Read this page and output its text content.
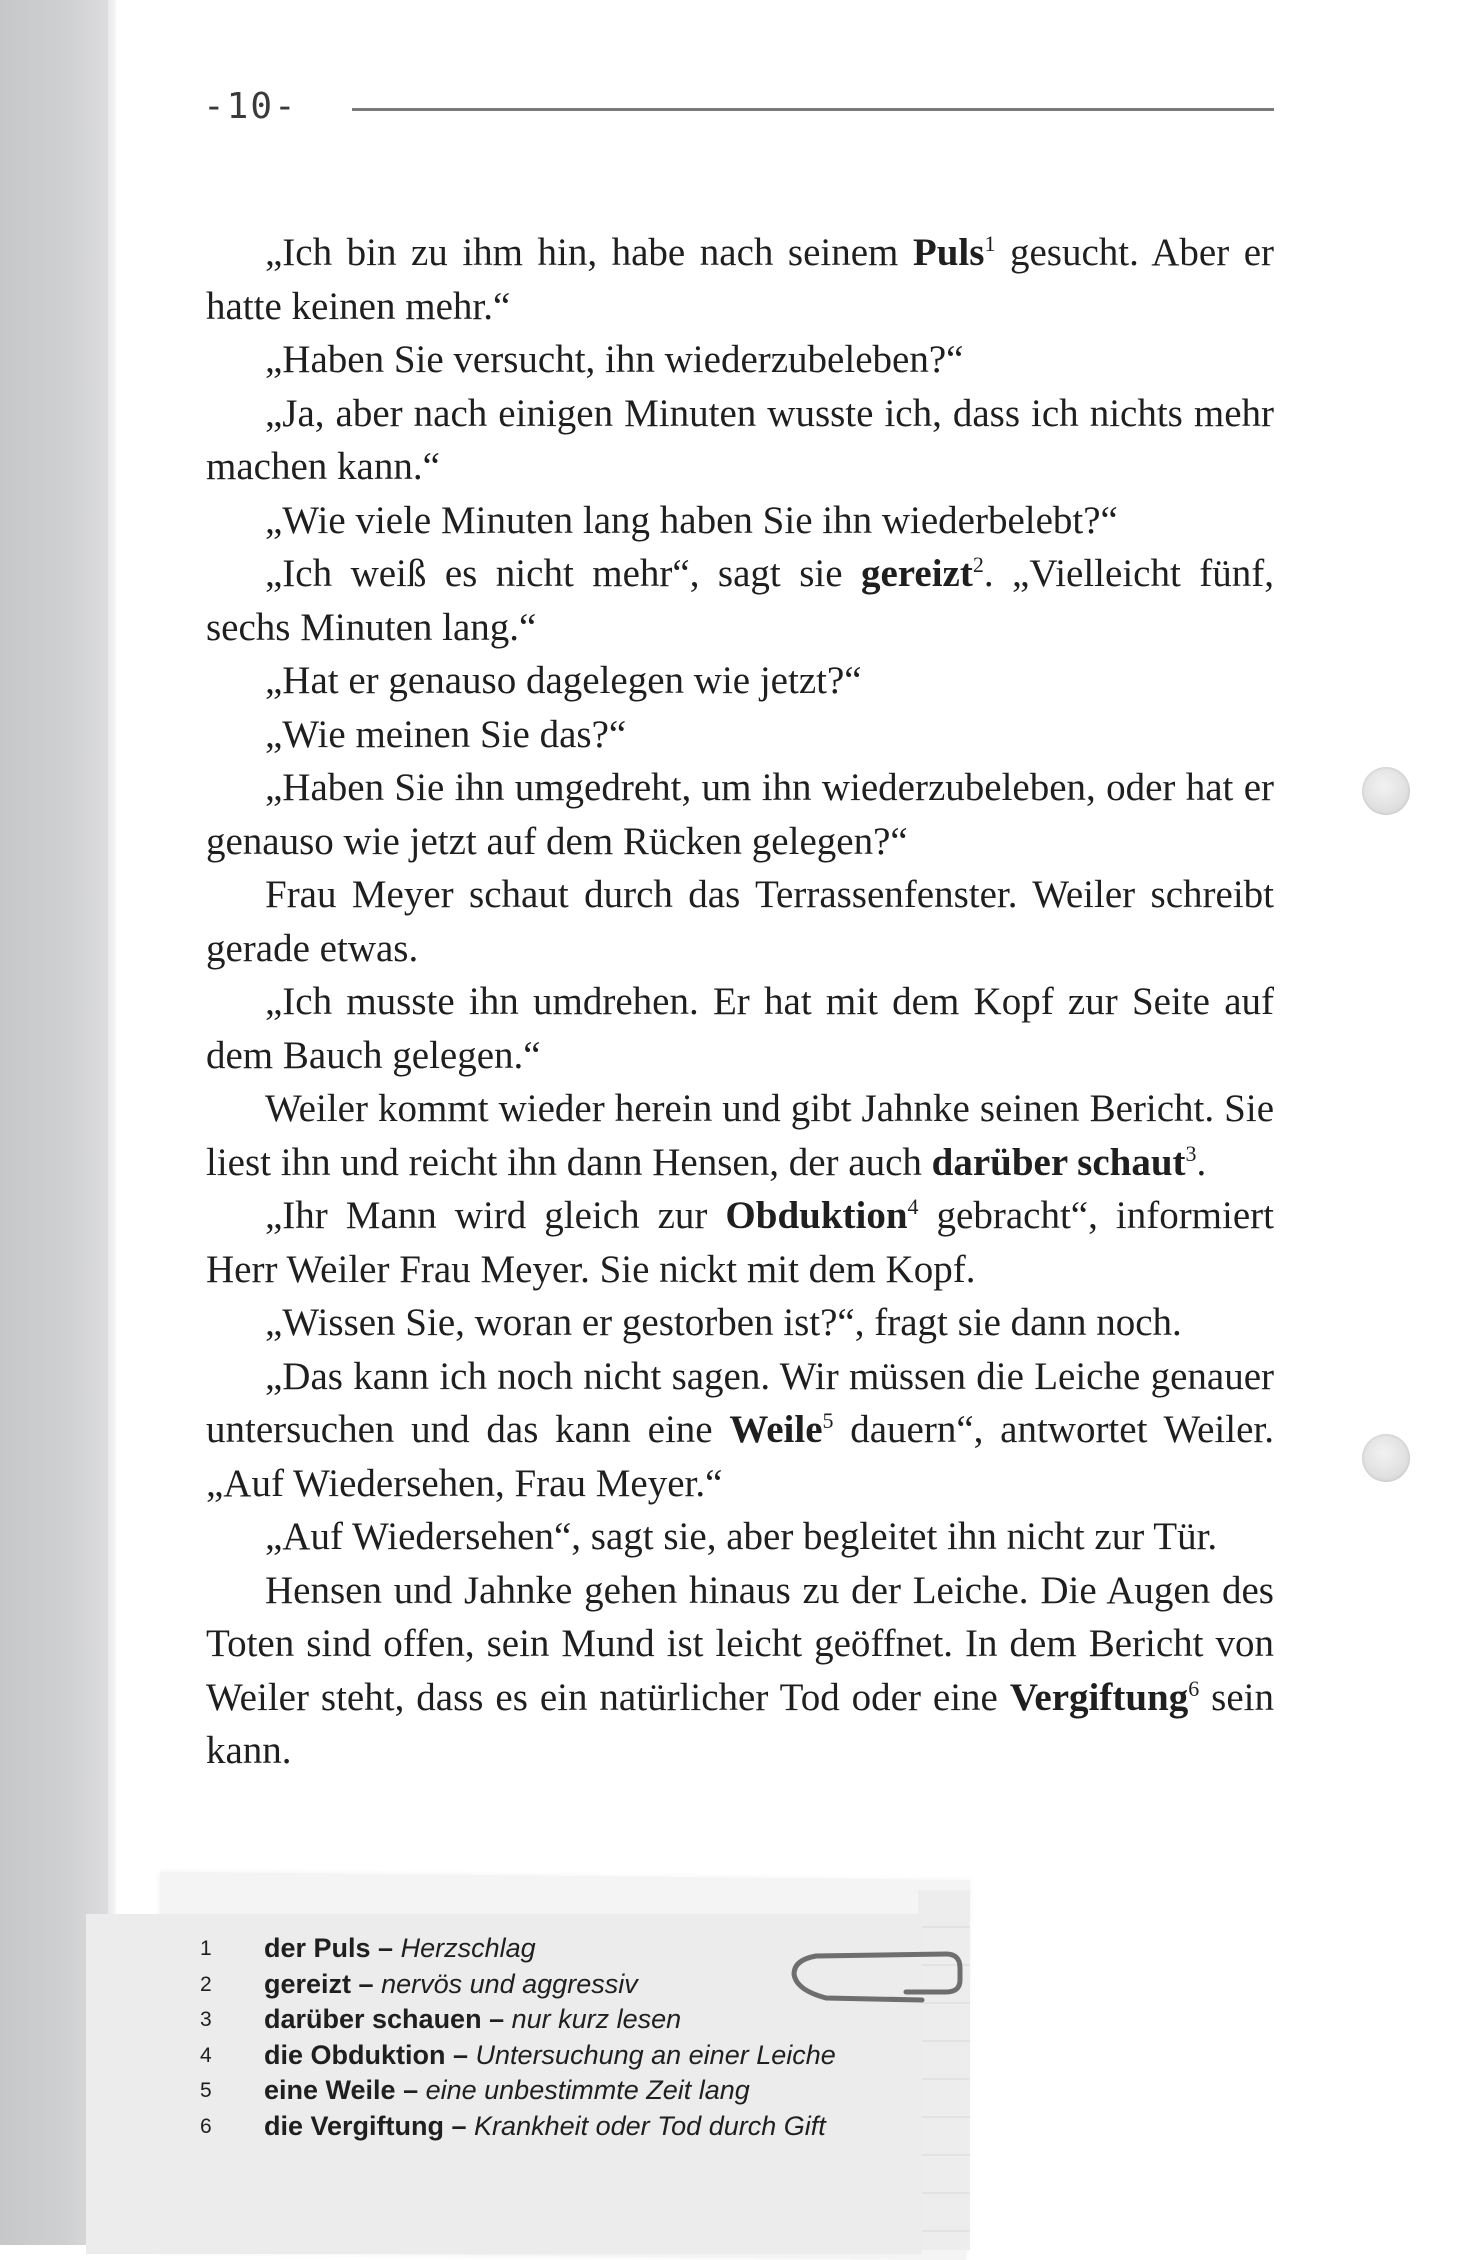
-10-

„Ich bin zu ihm hin, habe nach seinem Puls$^1$ gesucht. Aber er hatte keinen mehr.“

„Haben Sie versucht, ihn wiederzubeleben?“

„Ja, aber nach einigen Minuten wusste ich, dass ich nichts mehr machen kann.“

„Wie viele Minuten lang haben Sie ihn wiederbelebt?“

„Ich weiß es nicht mehr“, sagt sie gereizt$^2$. „Vielleicht fünf, sechs Minuten lang.“

„Hat er genauso dagelegen wie jetzt?“

„Wie meinen Sie das?“

„Haben Sie ihn umgedreht, um ihn wiederzubeleben, oder hat er genauso wie jetzt auf dem Rücken gelegen?“

Frau Meyer schaut durch das Terrassenfenster. Weiler schreibt gerade etwas.

„Ich musste ihn umdrehen. Er hat mit dem Kopf zur Seite auf dem Bauch gelegen.“

Weiler kommt wieder herein und gibt Jahnke seinen Bericht. Sie liest ihn und reicht ihn dann Hensen, der auch darüber schaut$^3$.

„Ihr Mann wird gleich zur Obduktion$^4$ gebracht“, informiert Herr Weiler Frau Meyer. Sie nickt mit dem Kopf.

„Wissen Sie, woran er gestorben ist?“, fragt sie dann noch.

„Das kann ich noch nicht sagen. Wir müssen die Leiche genauer untersuchen und das kann eine Weile$^5$ dauern“, antwortet Weiler. „Auf Wiedersehen, Frau Meyer.“

„Auf Wiedersehen“, sagt sie, aber begleitet ihn nicht zur Tür.

Hensen und Jahnke gehen hinaus zu der Leiche. Die Augen des Toten sind offen, sein Mund ist leicht geöffnet. In dem Bericht von Weiler steht, dass es ein natürlicher Tod oder eine Vergiftung$^6$ sein kann.

1	der Puls – Herzschlag
2	gereizt – nervös und aggressiv
3	darüber schauen – nur kurz lesen
4	die Obduktion – Untersuchung an einer Leiche
5	eine Weile – eine unbestimmte Zeit lang
6	die Vergiftung – Krankheit oder Tod durch Gift
